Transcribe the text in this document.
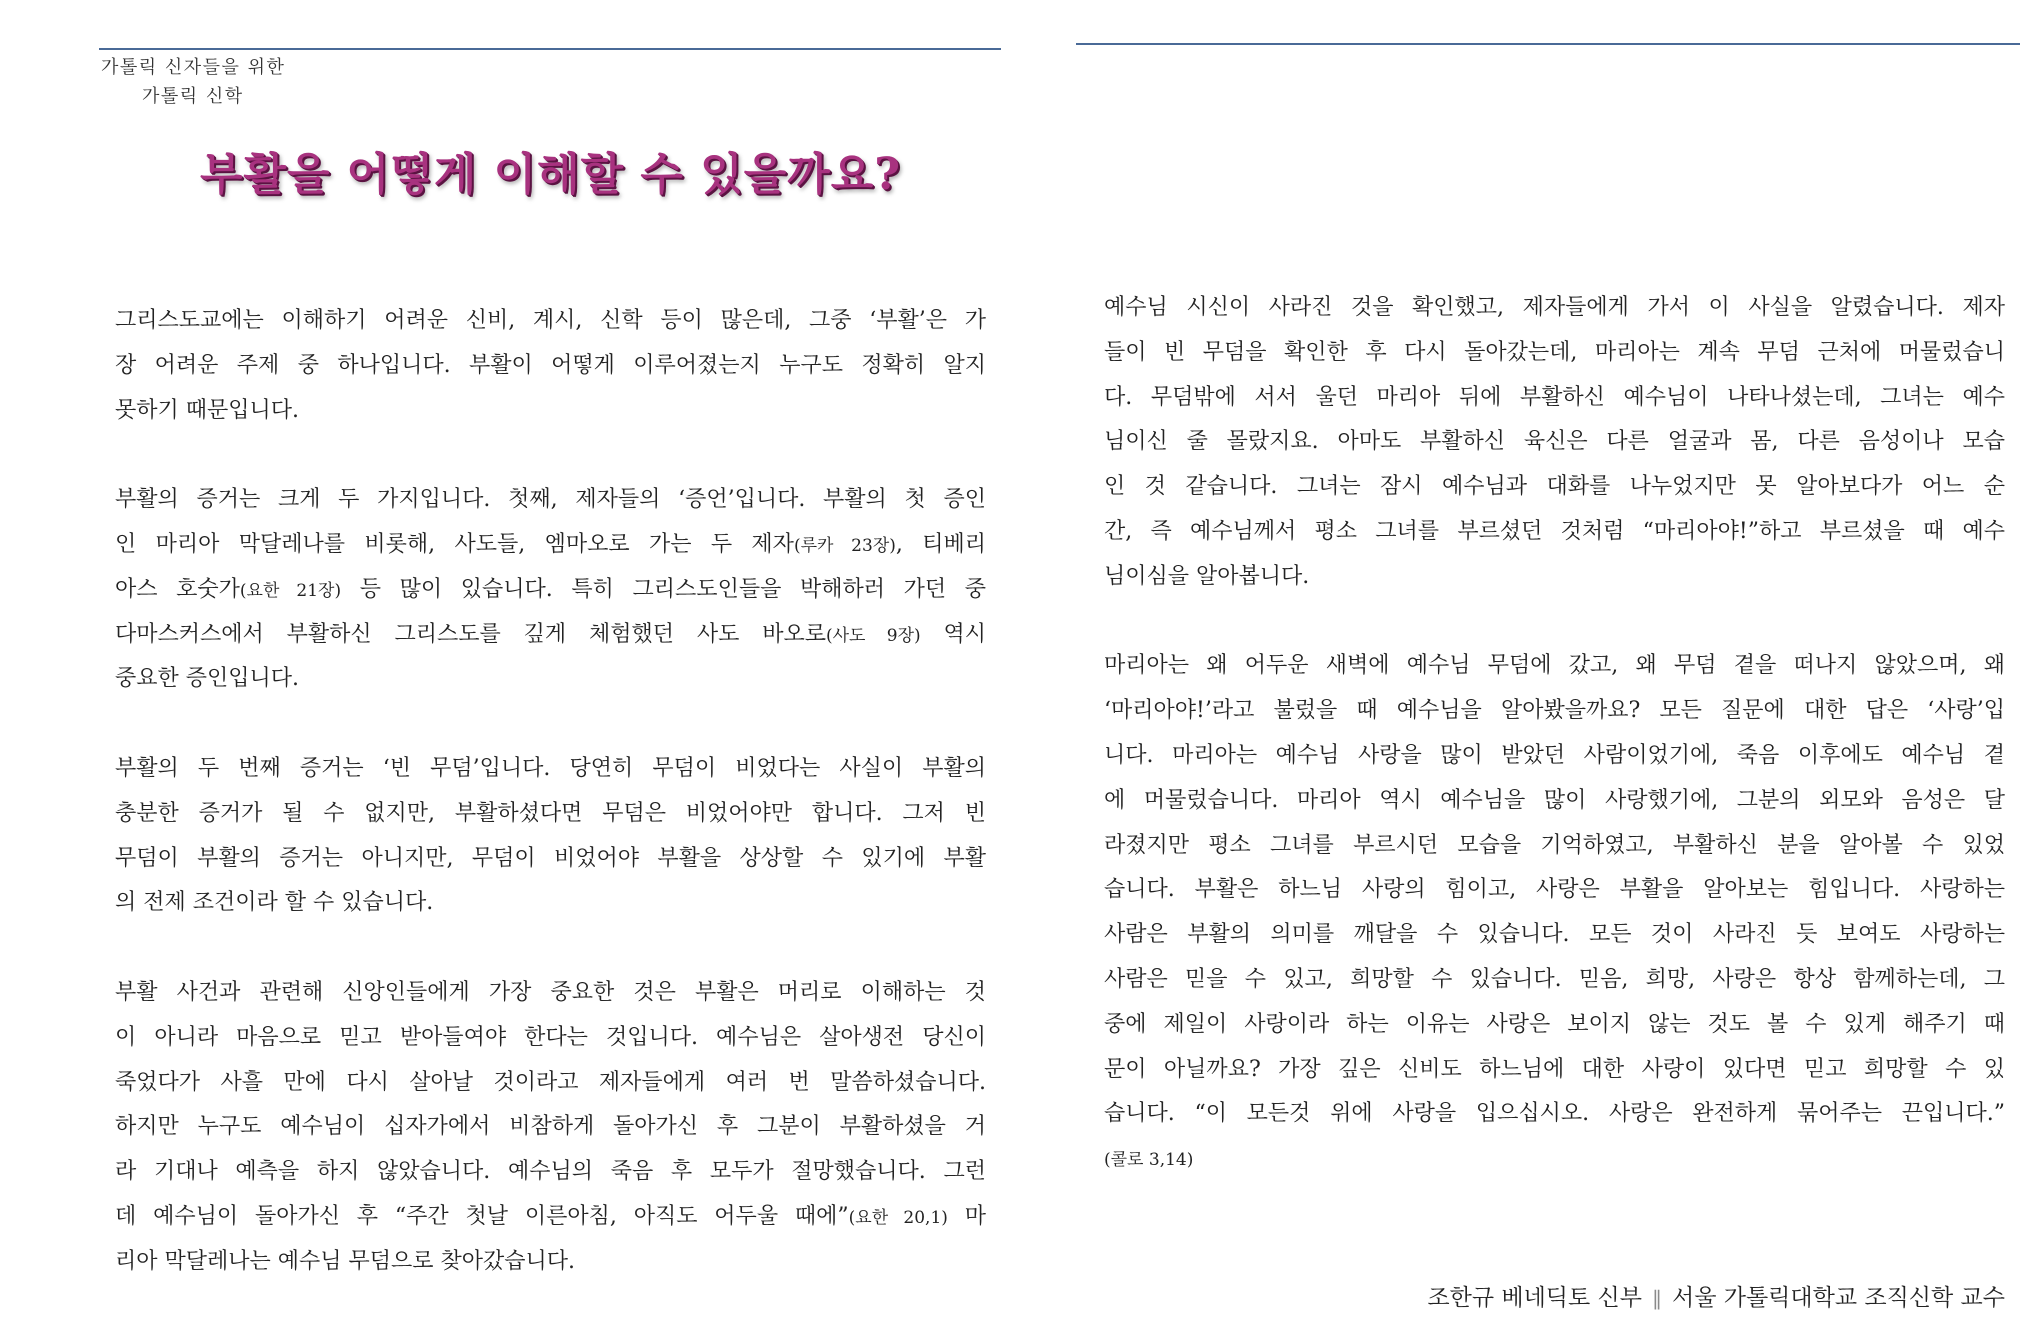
가톨릭 신자들을 위한
가톨릭 신학
부활을 어떻게 이해할 수 있을까요?
그리스도교에는 이해하기 어려운 신비, 계시, 신학 등이 많은데, 그중 ‘부활’은 가
장 어려운 주제 중 하나입니다. 부활이 어떻게 이루어졌는지 누구도 정확히 알지
못하기 때문입니다.
부활의 증거는 크게 두 가지입니다. 첫째, 제자들의 ‘증언’입니다. 부활의 첫 증인
인 마리아 막달레나를 비롯해, 사도들, 엠마오로 가는 두 제자(루카 23장), 티베리
아스 호숫가(요한 21장) 등 많이 있습니다. 특히 그리스도인들을 박해하러 가던 중
다마스커스에서 부활하신 그리스도를 깊게 체험했던 사도 바오로(사도 9장) 역시
중요한 증인입니다.
부활의 두 번째 증거는 ‘빈 무덤’입니다. 당연히 무덤이 비었다는 사실이 부활의
충분한 증거가 될 수 없지만, 부활하셨다면 무덤은 비었어야만 합니다. 그저 빈
무덤이 부활의 증거는 아니지만, 무덤이 비었어야 부활을 상상할 수 있기에 부활
의 전제 조건이라 할 수 있습니다.
부활 사건과 관련해 신앙인들에게 가장 중요한 것은 부활은 머리로 이해하는 것
이 아니라 마음으로 믿고 받아들여야 한다는 것입니다. 예수님은 살아생전 당신이
죽었다가 사흘 만에 다시 살아날 것이라고 제자들에게 여러 번 말씀하셨습니다.
하지만 누구도 예수님이 십자가에서 비참하게 돌아가신 후 그분이 부활하셨을 거
라 기대나 예측을 하지 않았습니다. 예수님의 죽음 후 모두가 절망했습니다. 그런
데 예수님이 돌아가신 후 “주간 첫날 이른아침, 아직도 어두울 때에”(요한 20,1) 마
리아 막달레나는 예수님 무덤으로 찾아갔습니다.
예수님 시신이 사라진 것을 확인했고, 제자들에게 가서 이 사실을 알렸습니다. 제자
들이 빈 무덤을 확인한 후 다시 돌아갔는데, 마리아는 계속 무덤 근처에 머물렀습니
다. 무덤밖에 서서 울던 마리아 뒤에 부활하신 예수님이 나타나셨는데, 그녀는 예수
님이신 줄 몰랐지요. 아마도 부활하신 육신은 다른 얼굴과 몸, 다른 음성이나 모습
인 것 같습니다. 그녀는 잠시 예수님과 대화를 나누었지만 못 알아보다가 어느 순
간, 즉 예수님께서 평소 그녀를 부르셨던 것처럼 “마리아야!”하고 부르셨을 때 예수
님이심을 알아봅니다.
마리아는 왜 어두운 새벽에 예수님 무덤에 갔고, 왜 무덤 곁을 떠나지 않았으며, 왜
‘마리아야!’라고 불렀을 때 예수님을 알아봤을까요? 모든 질문에 대한 답은 ‘사랑’입
니다. 마리아는 예수님 사랑을 많이 받았던 사람이었기에, 죽음 이후에도 예수님 곁
에 머물렀습니다. 마리아 역시 예수님을 많이 사랑했기에, 그분의 외모와 음성은 달
라졌지만 평소 그녀를 부르시던 모습을 기억하였고, 부활하신 분을 알아볼 수 있었
습니다. 부활은 하느님 사랑의 힘이고, 사랑은 부활을 알아보는 힘입니다. 사랑하는
사람은 부활의 의미를 깨달을 수 있습니다. 모든 것이 사라진 듯 보여도 사랑하는
사람은 믿을 수 있고, 희망할 수 있습니다. 믿음, 희망, 사랑은 항상 함께하는데, 그
중에 제일이 사랑이라 하는 이유는 사랑은 보이지 않는 것도 볼 수 있게 해주기 때
문이 아닐까요? 가장 깊은 신비도 하느님에 대한 사랑이 있다면 믿고 희망할 수 있
습니다. “이 모든것 위에 사랑을 입으십시오. 사랑은 완전하게 묶어주는 끈입니다.”
(콜로 3,14)
조한규 베네딕토 신부 ‖ 서울 가톨릭대학교 조직신학 교수
